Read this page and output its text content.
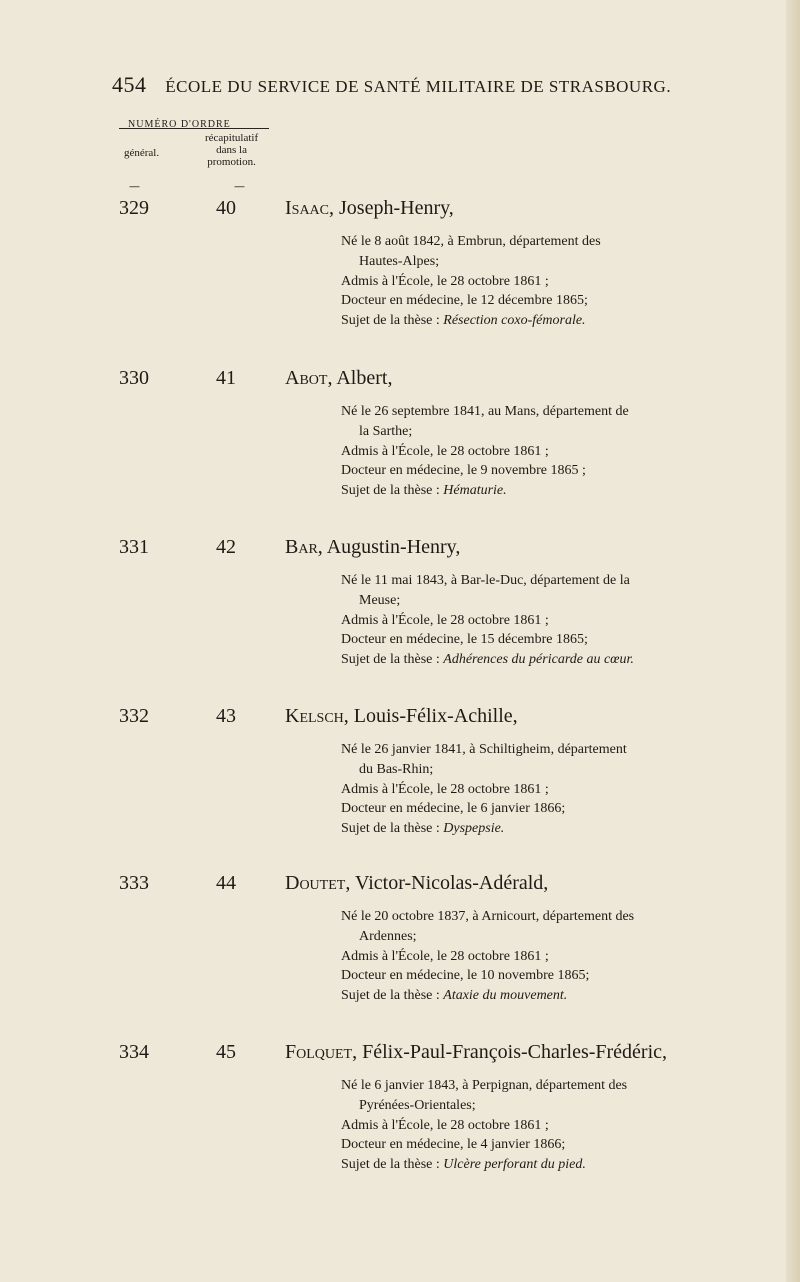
454 ÉCOLE DU SERVICE DE SANTÉ MILITAIRE DE STRASBOURG.
NUMÉRO D'ORDRE
général.
récapitulatif
dans la
promotion.
—	—
329	40 Isaac, Joseph-Henry,

Né le 8 août 1842, à Embrun, département des

Hautes-Alpes;

Admis à l'École, le 28 octobre 1861 ;

Docteur en médecine, le 12 décembre 1865;

Sujet de la thèse : Résection coxo-fémorale.

330	41 Abot, Albert,

Né le 26 septembre 1841, au Mans, département de

la Sarthe;

Admis à l'École, le 28 octobre 1861 ;

Docteur en médecine, le 9 novembre 1865 ;

Sujet de la thèse : Hématurie.

331	42 Bar, Augustin-Henry,

Né le 11 mai 1843, à Bar-le-Duc, département de la

Meuse;

Admis à l'École, le 28 octobre 1861 ;

Docteur en médecine, le 15 décembre 1865;

Sujet de la thèse : Adhérences du péricarde au cœur.

332	43 Kelsch, Louis-Félix-Achille,

Né le 26 janvier 1841, à Schiltigheim, département

du Bas-Rhin;

Admis à l'École, le 28 octobre 1861 ;

Docteur en médecine, le 6 janvier 1866;

Sujet de la thèse : Dyspepsie.

333	44 Doutet, Victor-Nicolas-Adérald,

Né le 20 octobre 1837, à Arnicourt, département des

Ardennes;

Admis à l'École, le 28 octobre 1861 ;

Docteur en médecine, le 10 novembre 1865;

Sujet de la thèse : Ataxie du mouvement.

334	45 Folquet, Félix-Paul-François-Charles-Frédéric,

Né le 6 janvier 1843, à Perpignan, département des

Pyrénées-Orientales;

Admis à l'École, le 28 octobre 1861 ;

Docteur en médecine, le 4 janvier 1866;

Sujet de la thèse : Ulcère perforant du pied.
